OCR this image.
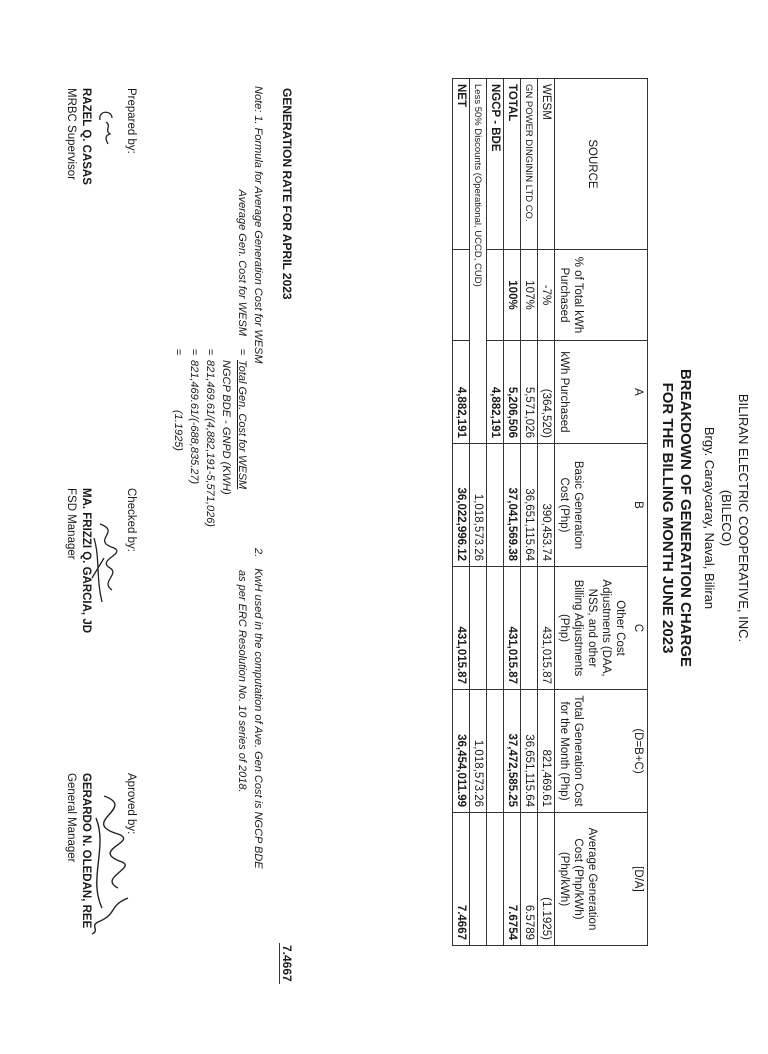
BILIRAN ELECTRIC COOPERATIVE, INC.
(BILECO)
Brgy. Caraycaray, Naval, Biliran
BREAKDOWN OF GENERATION CHARGE
FOR THE BILLING MONTH JUNE 2023
		A	B	C	(D=B+C)	[D/A]
SOURCE	% of Total kWh Purchased	kWh Purchased	Basic Generation Cost (Php)	Other Cost Adjustments (DAA, NSS, and other Billing Adjustments (Php)	Total Generation Cost for the Month (Php)	Average Generation Cost (Php/kWh) (Php/kWh)
WESM	-7%	(364,520)	390,453.74	431,015.87	821,469.61	(1.1925)
GN POWER DINGININ LTD CO.	107%	5,571,026	36,651,115.64		36,651,115.64	6.5789
TOTAL	100%	5,206,506	37,041,569.38	431,015.87	37,472,585.25	7.6754
NGCP - BDE		4,882,191				
Less 50% Discounts (Operational, UCCD, CUD)			1,018,573.26		1,018,573.26	
NET		4,882,191	36,022,996.12	431,015.87	36,454,011.99	7.4667
GENERATION RATE FOR APRIL 2023
7.4667
Note: 1. Formula for Average Generation Cost for WESM
Average Gen. Cost for WESM
=
Total Gen. Cost for WESM
NGCP BDE - GNPD (KWH)
=
821,469.61/(4,882,191-5,571,026)
=
821,469.61/(-688,835.27)
=
(1.1925)
2. KwH used in the computation of Ave. Gen Cost is NGCP BDE
as per ERC Resolution No. 10 series of 2018.
Prepared by:
RAZEL Q. CASAS
MRBC Supervisor
Checked by:
MA. FRIZZI Q. GARCIA, JD
FSD Manager
Aproved by:
GERARDO N. OLEDAN, REE
General Manager
